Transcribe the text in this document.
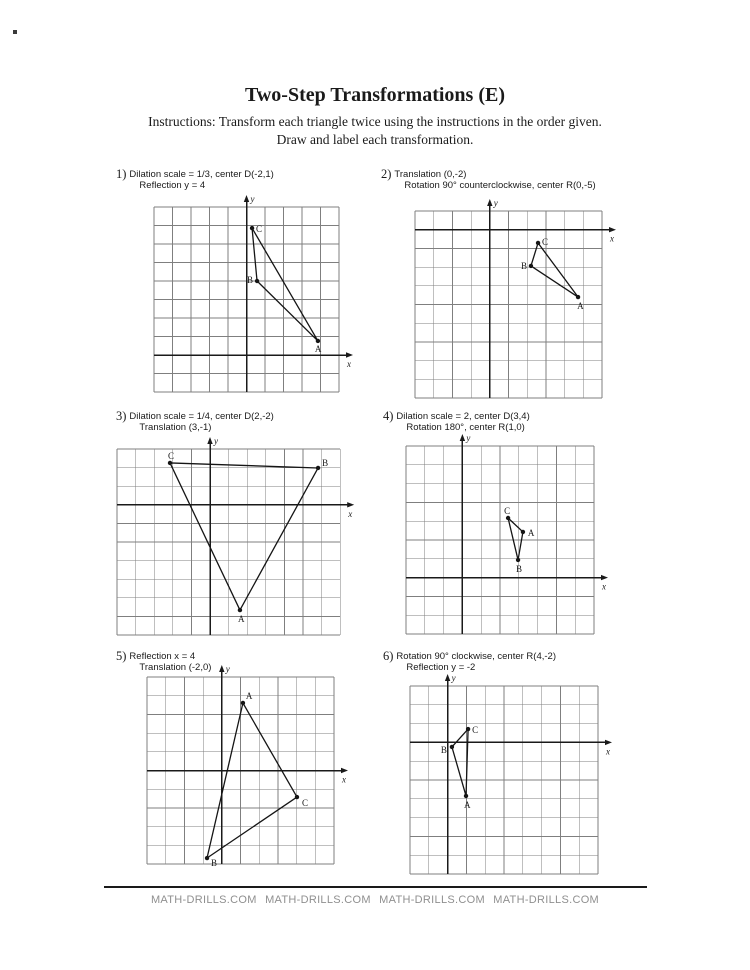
Two-Step Transformations (E)
Instructions: Transform each triangle twice using the instructions in the order given.
Draw and label each transformation.
1) Dilation scale = 1/3, center D(-2,1)
Reflection y = 4
y
x
C
B
A
2) Translation (0,-2)
Rotation 90° counterclockwise, center R(0,-5)
y
x
C
B
A
3) Dilation scale = 1/4, center D(2,-2)
Translation (3,-1)
y
x
C
B
A
4) Dilation scale = 2, center D(3,4)
Rotation 180°, center R(1,0)
y
x
C
A
B
5) Reflection x = 4
Translation (-2,0) y
x
A
C
B
6) Rotation 90° clockwise, center R(4,-2)
Reflection y = -2
y
x
C
B
A
MATH-DRILLS.COM MATH-DRILLS.COM MATH-DRILLS.COM MATH-DRILLS.COM
